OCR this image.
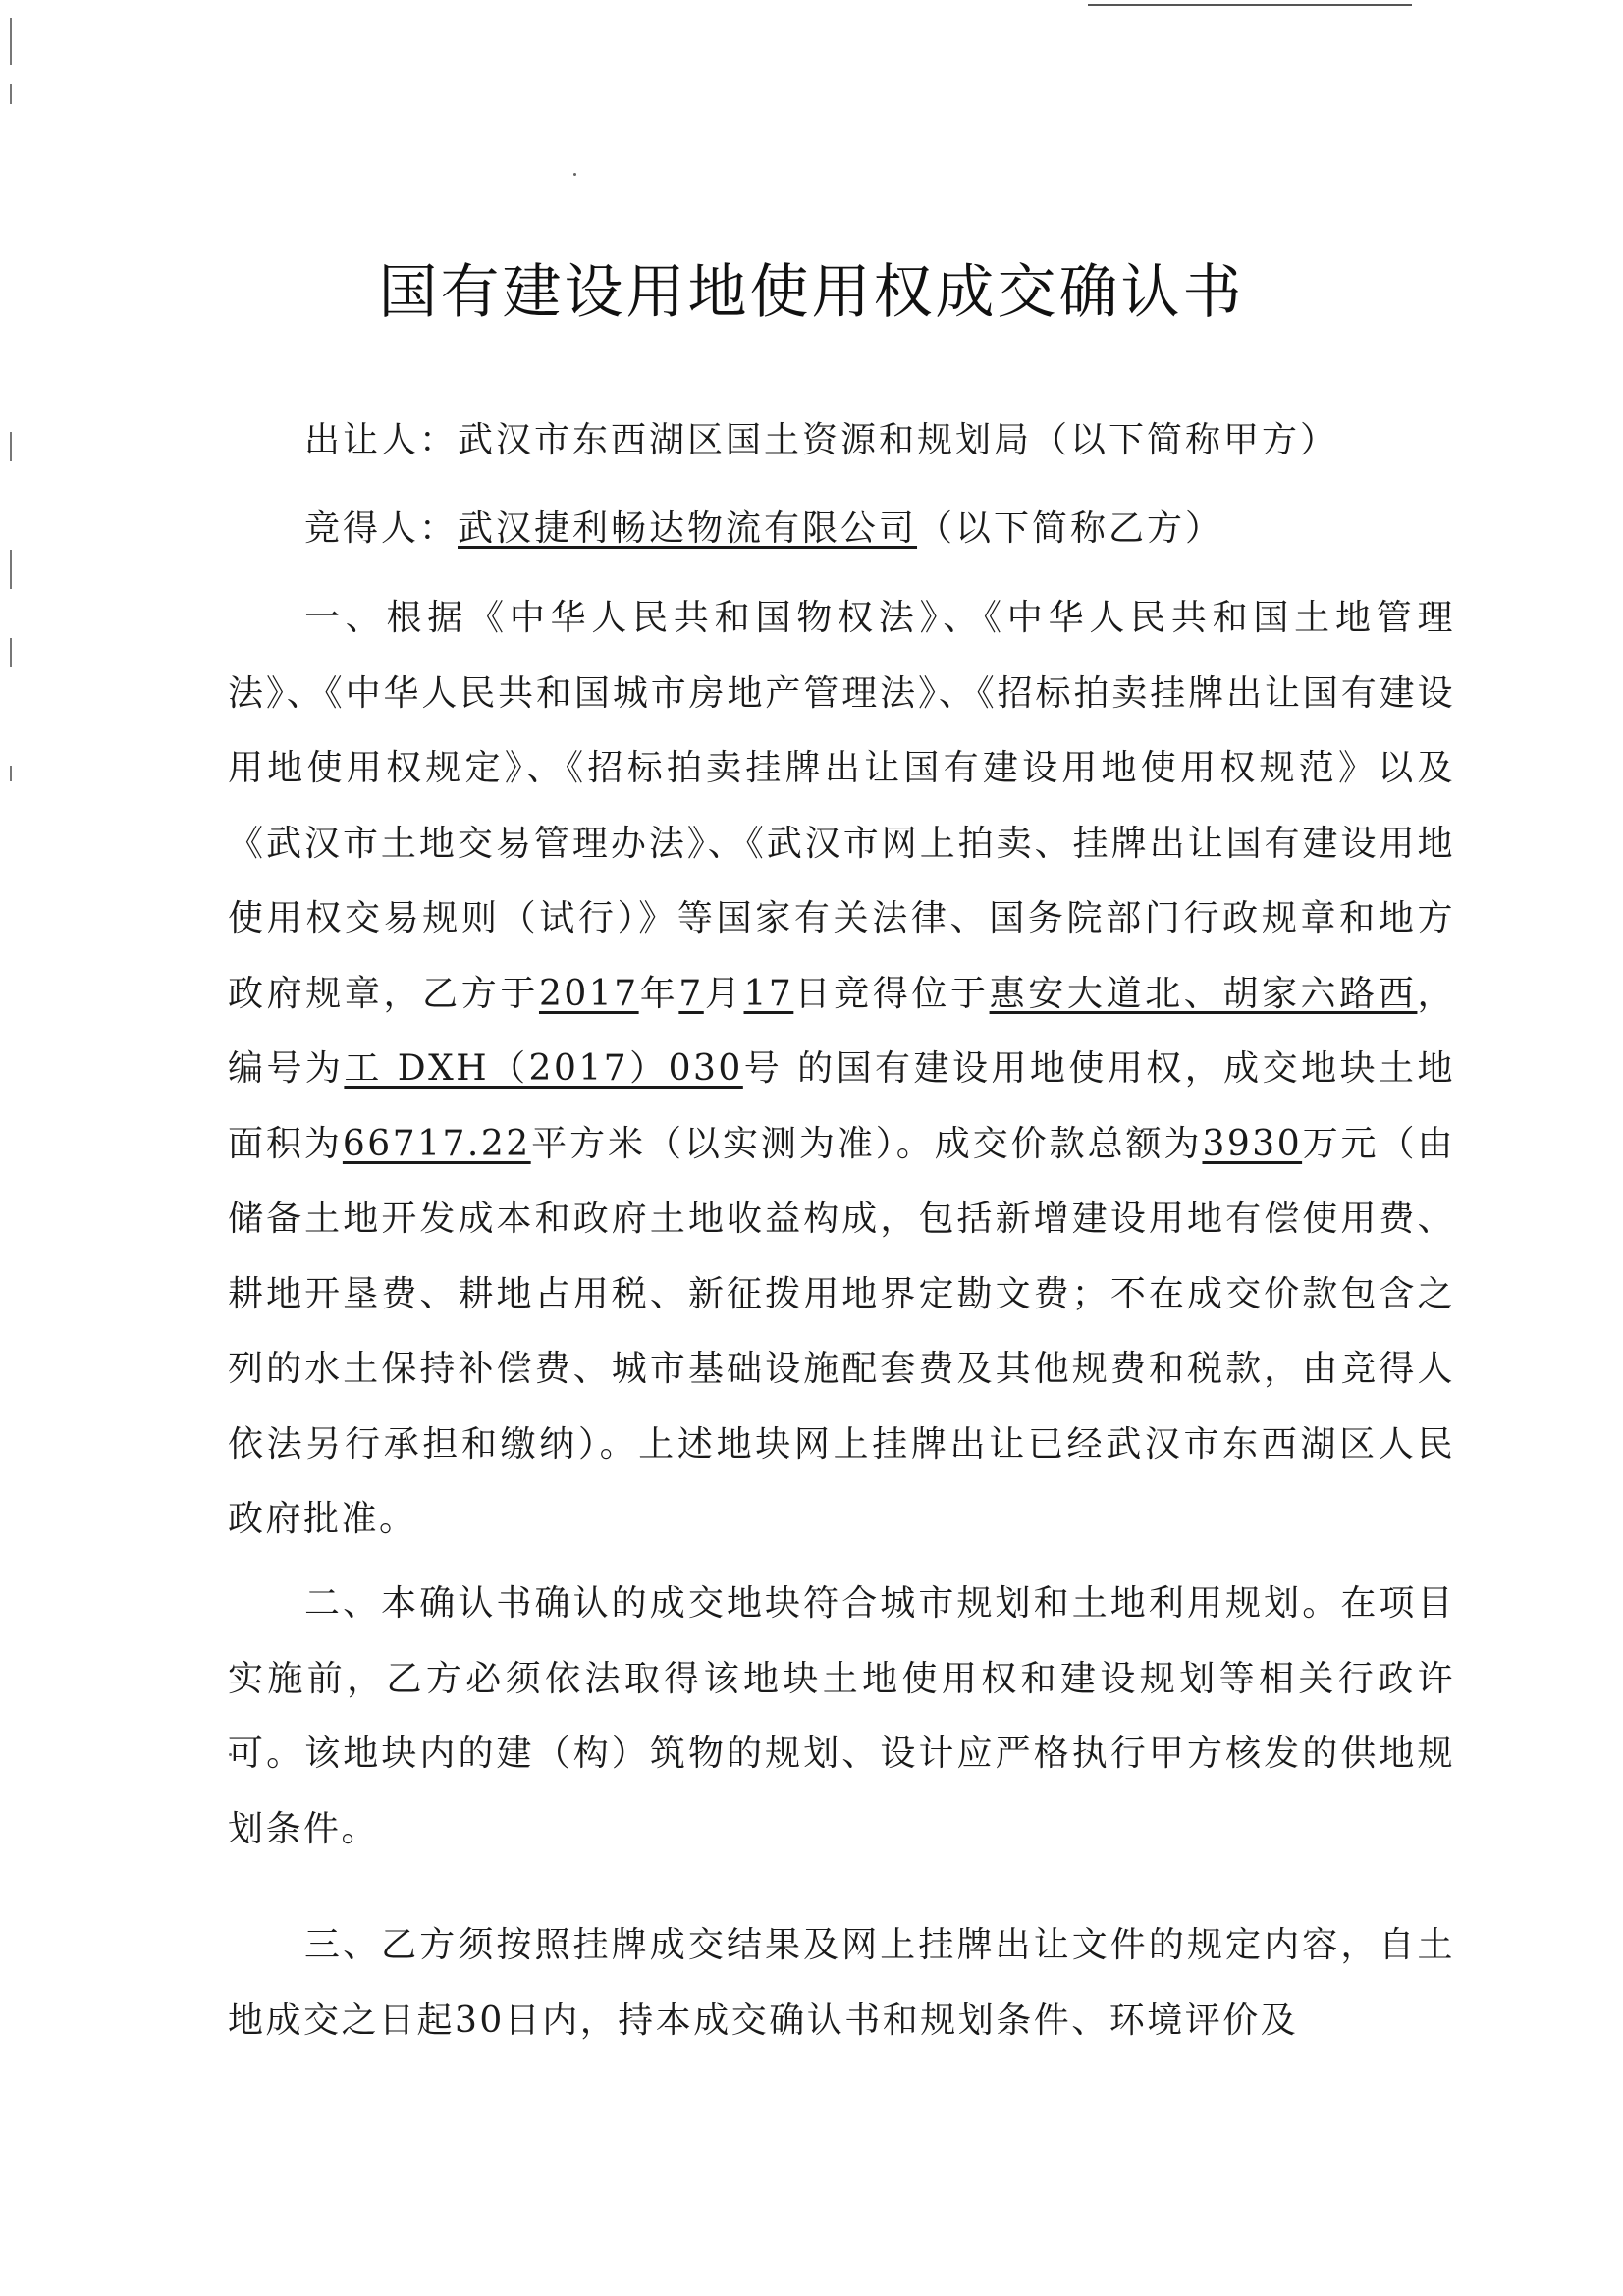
国有建设用地使用权成交确认书
出让人：武汉市东西湖区国土资源和规划局（以下简称甲方）
竞得人：武汉捷利畅达物流有限公司（以下简称乙方）
一、根据《中华人民共和国物权法》、《中华人民共和国土地管理法》、《中华人民共和国城市房地产管理法》、《招标拍卖挂牌出让国有建设用地使用权规定》、《招标拍卖挂牌出让国有建设用地使用权规范》以及《武汉市土地交易管理办法》、《武汉市网上拍卖、挂牌出让国有建设用地使用权交易规则（试行）》等国家有关法律、国务院部门行政规章和地方政府规章，乙方于2017年7月17日竞得位于惠安大道北、胡家六路西，编号为工 DXH（2017）030号 的国有建设用地使用权，成交地块土地面积为66717.22平方米（以实测为准）。成交价款总额为3930万元（由储备土地开发成本和政府土地收益构成，包括新增建设用地有偿使用费、耕地开垦费、耕地占用税、新征拨用地界定勘文费；不在成交价款包含之列的水土保持补偿费、城市基础设施配套费及其他规费和税款，由竞得人依法另行承担和缴纳）。上述地块网上挂牌出让已经武汉市东西湖区人民政府批准。
二、本确认书确认的成交地块符合城市规划和土地利用规划。在项目实施前，乙方必须依法取得该地块土地使用权和建设规划等相关行政许可。该地块内的建（构）筑物的规划、设计应严格执行甲方核发的供地规划条件。
三、乙方须按照挂牌成交结果及网上挂牌出让文件的规定内容，自土地成交之日起30日内，持本成交确认书和规划条件、环境评价及
